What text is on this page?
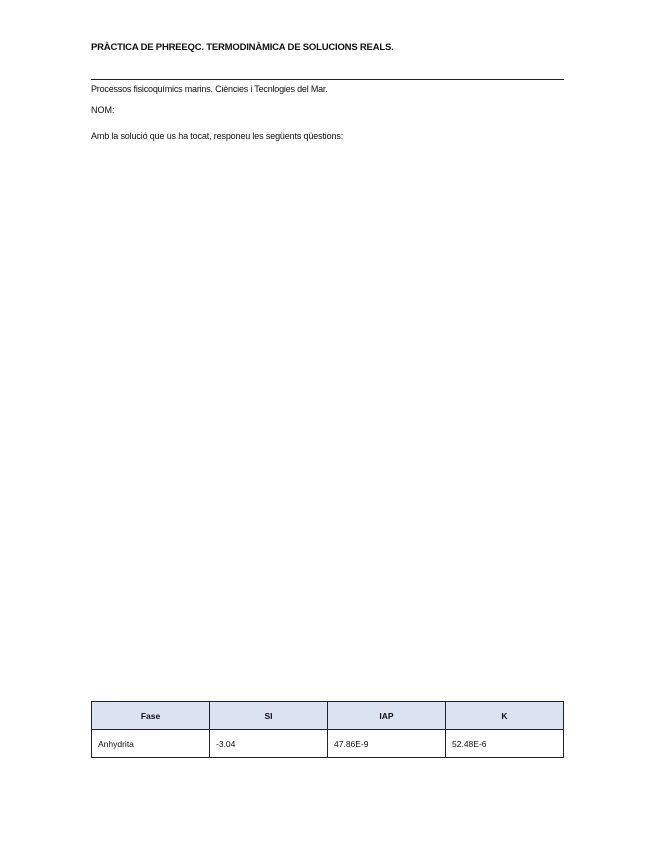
PRÀCTICA DE PHREEQC. TERMODINÀMICA DE SOLUCIONS REALS.
Processos fisicoquímics marins. Ciències i Tecnlogies del Mar.
NOM:
Amb la solució que us ha tocat, responeu les següents qüestions:
Fase	SI	IAP	K
Anhydrita	-3.04	47.86E-9	52.48E-6
